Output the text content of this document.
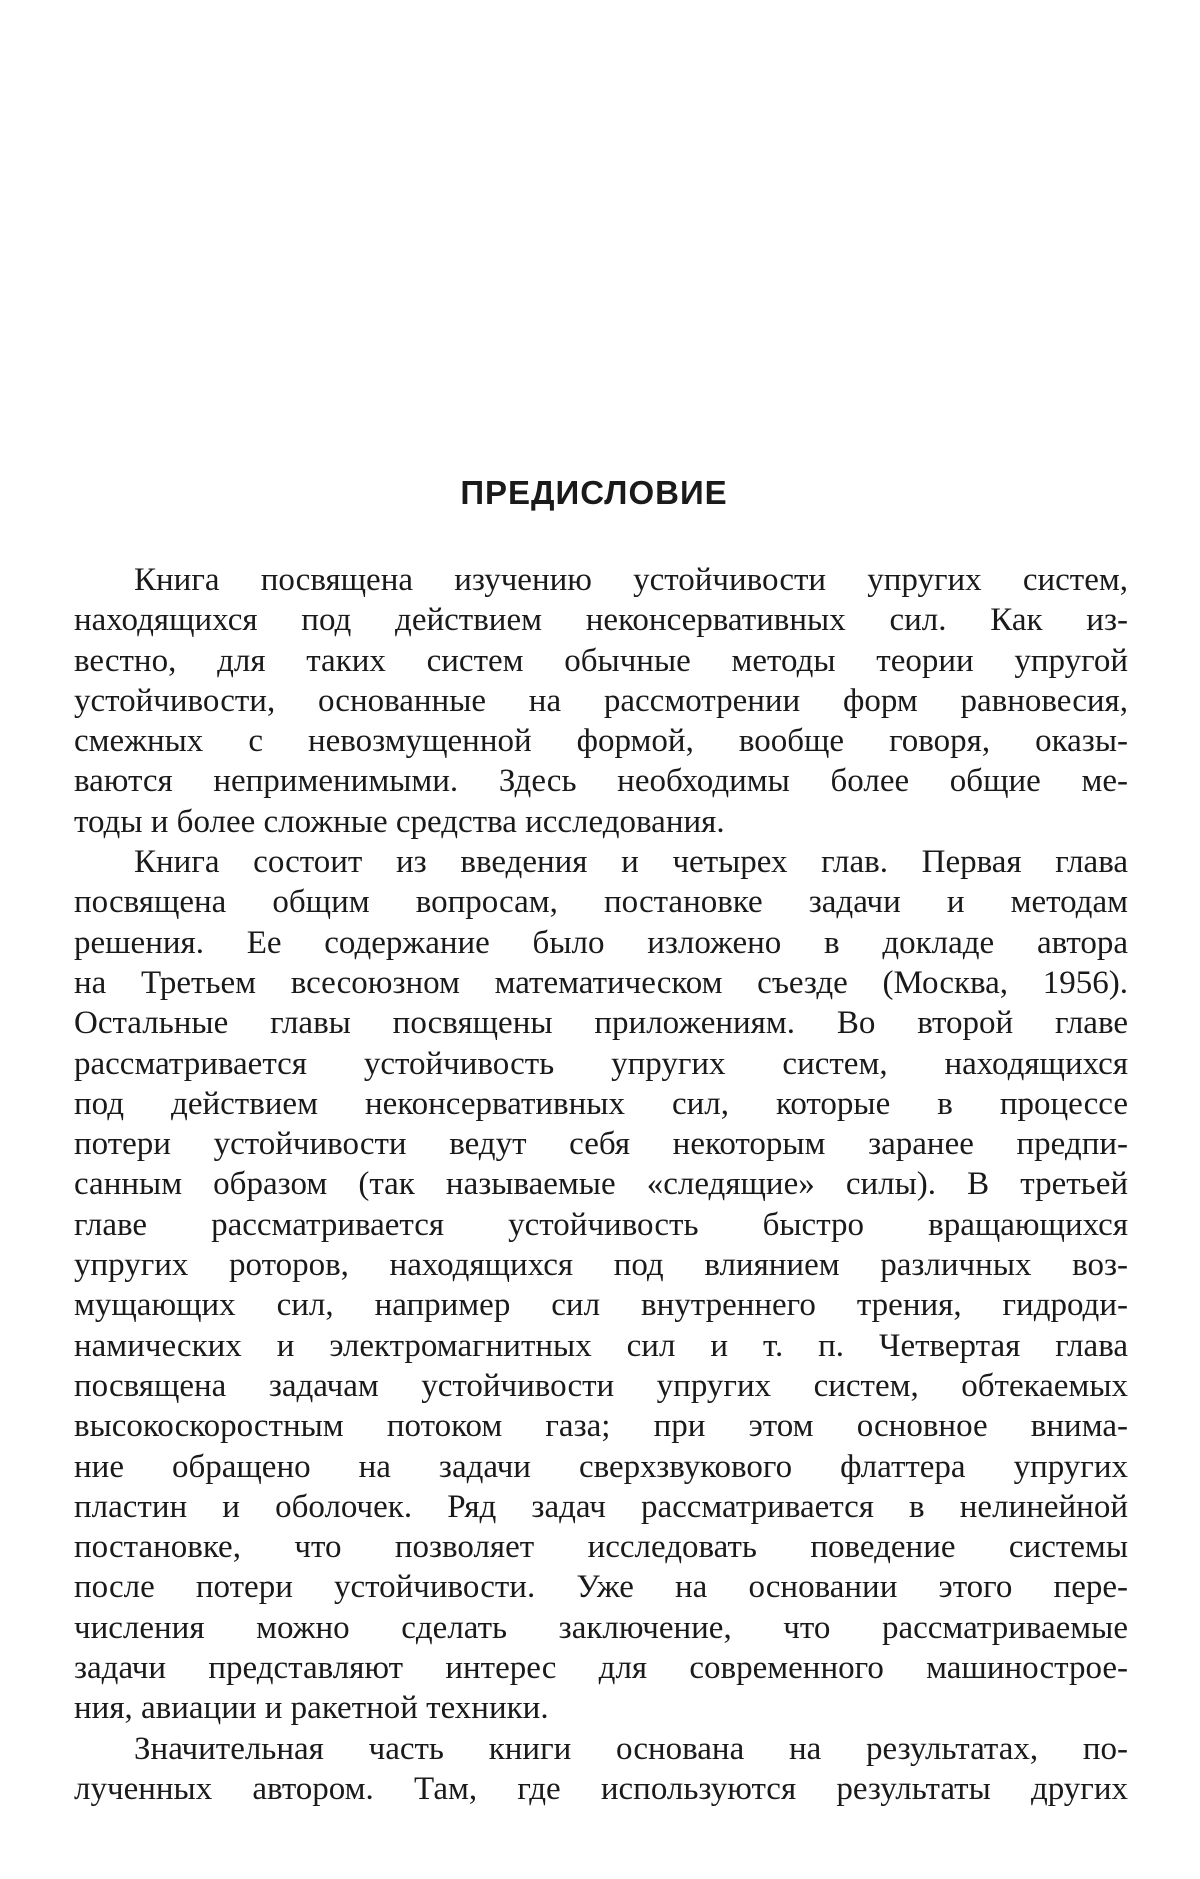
ПРЕДИСЛОВИЕ
Книга посвящена изучению устойчивости упругих систем,
находящихся под действием неконсервативных сил. Как из-
вестно, для таких систем обычные методы теории упругой
устойчивости, основанные на рассмотрении форм равновесия,
смежных с невозмущенной формой, вообще говоря, оказы-
ваются неприменимыми. Здесь необходимы более общие ме-
тоды и более сложные средства исследования.
Книга состоит из введения и четырех глав. Первая глава
посвящена общим вопросам, постановке задачи и методам
решения. Ее содержание было изложено в докладе автора
на Третьем всесоюзном математическом съезде (Москва, 1956).
Остальные главы посвящены приложениям. Во второй главе
рассматривается устойчивость упругих систем, находящихся
под действием неконсервативных сил, которые в процессе
потери устойчивости ведут себя некоторым заранее предпи-
санным образом (так называемые «следящие» силы). В третьей
главе рассматривается устойчивость быстро вращающихся
упругих роторов, находящихся под влиянием различных воз-
мущающих сил, например сил внутреннего трения, гидроди-
намических и электромагнитных сил и т. п. Четвертая глава
посвящена задачам устойчивости упругих систем, обтекаемых
высокоскоростным потоком газа; при этом основное внима-
ние обращено на задачи сверхзвукового флаттера упругих
пластин и оболочек. Ряд задач рассматривается в нелинейной
постановке, что позволяет исследовать поведение системы
после потери устойчивости. Уже на основании этого пере-
числения можно сделать заключение, что рассматриваемые
задачи представляют интерес для современного машинострое-
ния, авиации и ракетной техники.
Значительная часть книги основана на результатах, по-
лученных автором. Там, где используются результаты других
